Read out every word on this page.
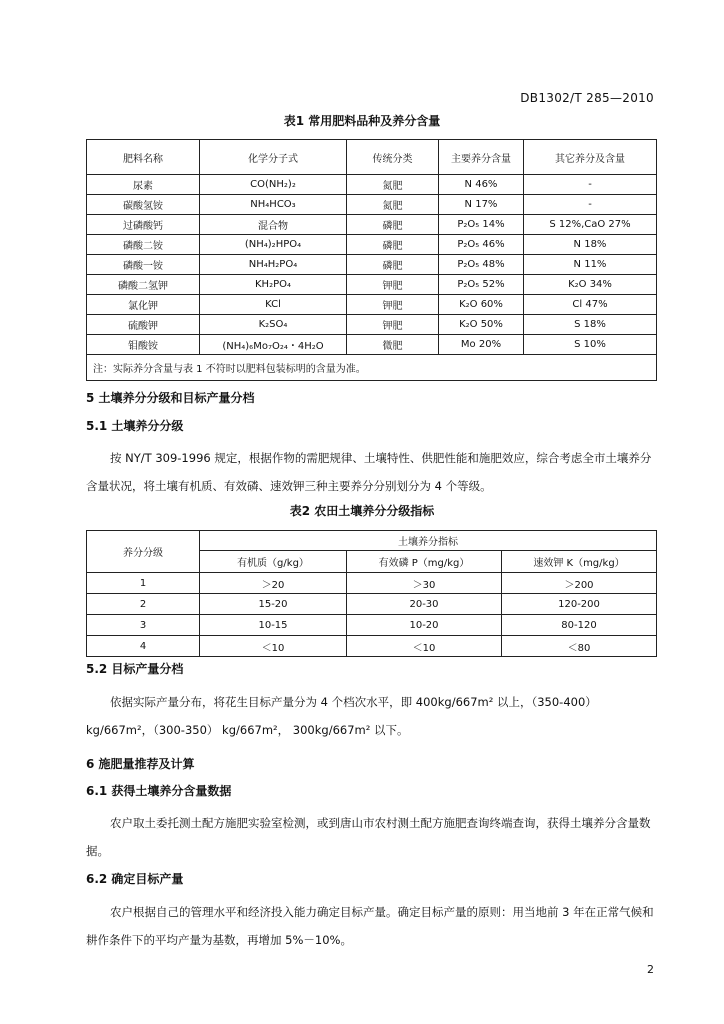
DB1302/T 285—2010
表1 常用肥料品种及养分含量
肥料名称	化学分子式	传统分类	主要养分含量	其它养分及含量
尿素	CO(NH₂)₂	氮肥	N 46%	-
碳酸氢铵	NH₄HCO₃	氮肥	N 17%	-
过磷酸钙	混合物	磷肥	P₂O₅ 14%	S 12%,CaO 27%
磷酸二铵	(NH₄)₂HPO₄	磷肥	P₂O₅ 46%	N 18%
磷酸一铵	NH₄H₂PO₄	磷肥	P₂O₅ 48%	N 11%
磷酸二氢钾	KH₂PO₄	钾肥	P₂O₅ 52%	K₂O 34%
氯化钾	KCl	钾肥	K₂O 60%	Cl 47%
硫酸钾	K₂SO₄	钾肥	K₂O 50%	S 18%
钼酸铵	(NH₄)₆Mo₇O₂₄・4H₂O	微肥	Mo 20%	S 10%
注：实际养分含量与表 1 不符时以肥料包装标明的含量为准。				
5 土壤养分分级和目标产量分档
5.1 土壤养分分级

按 NY/T 309-1996 规定，根据作物的需肥规律、土壤特性、供肥性能和施肥效应，综合考虑全市土壤养分含量状况，将土壤有机质、有效磷、速效钾三种主要养分分别划分为 4 个等级。

表2 农田土壤养分分级指标
养分分级	土壤养分指标		
	有机质（g/kg）	有效磷 P（mg/kg）	速效钾 K（mg/kg）
1	＞20	＞30	＞200
2	15-20	20-30	120-200
3	10-15	10-20	80-120
4	＜10	＜10	＜80
5.2 目标产量分档

依据实际产量分布，将花生目标产量分为 4 个档次水平，即 400kg/667m² 以上，（350-400）kg/667m²，（300-350） kg/667m²， 300kg/667m² 以下。

6 施肥量推荐及计算
6.1 获得土壤养分含量数据

农户取土委托测土配方施肥实验室检测，或到唐山市农村测土配方施肥查询终端查询，获得土壤养分含量数据。

6.2 确定目标产量

农户根据自己的管理水平和经济投入能力确定目标产量。确定目标产量的原则：用当地前 3 年在正常气候和耕作条件下的平均产量为基数，再增加 5%－10%。

2
